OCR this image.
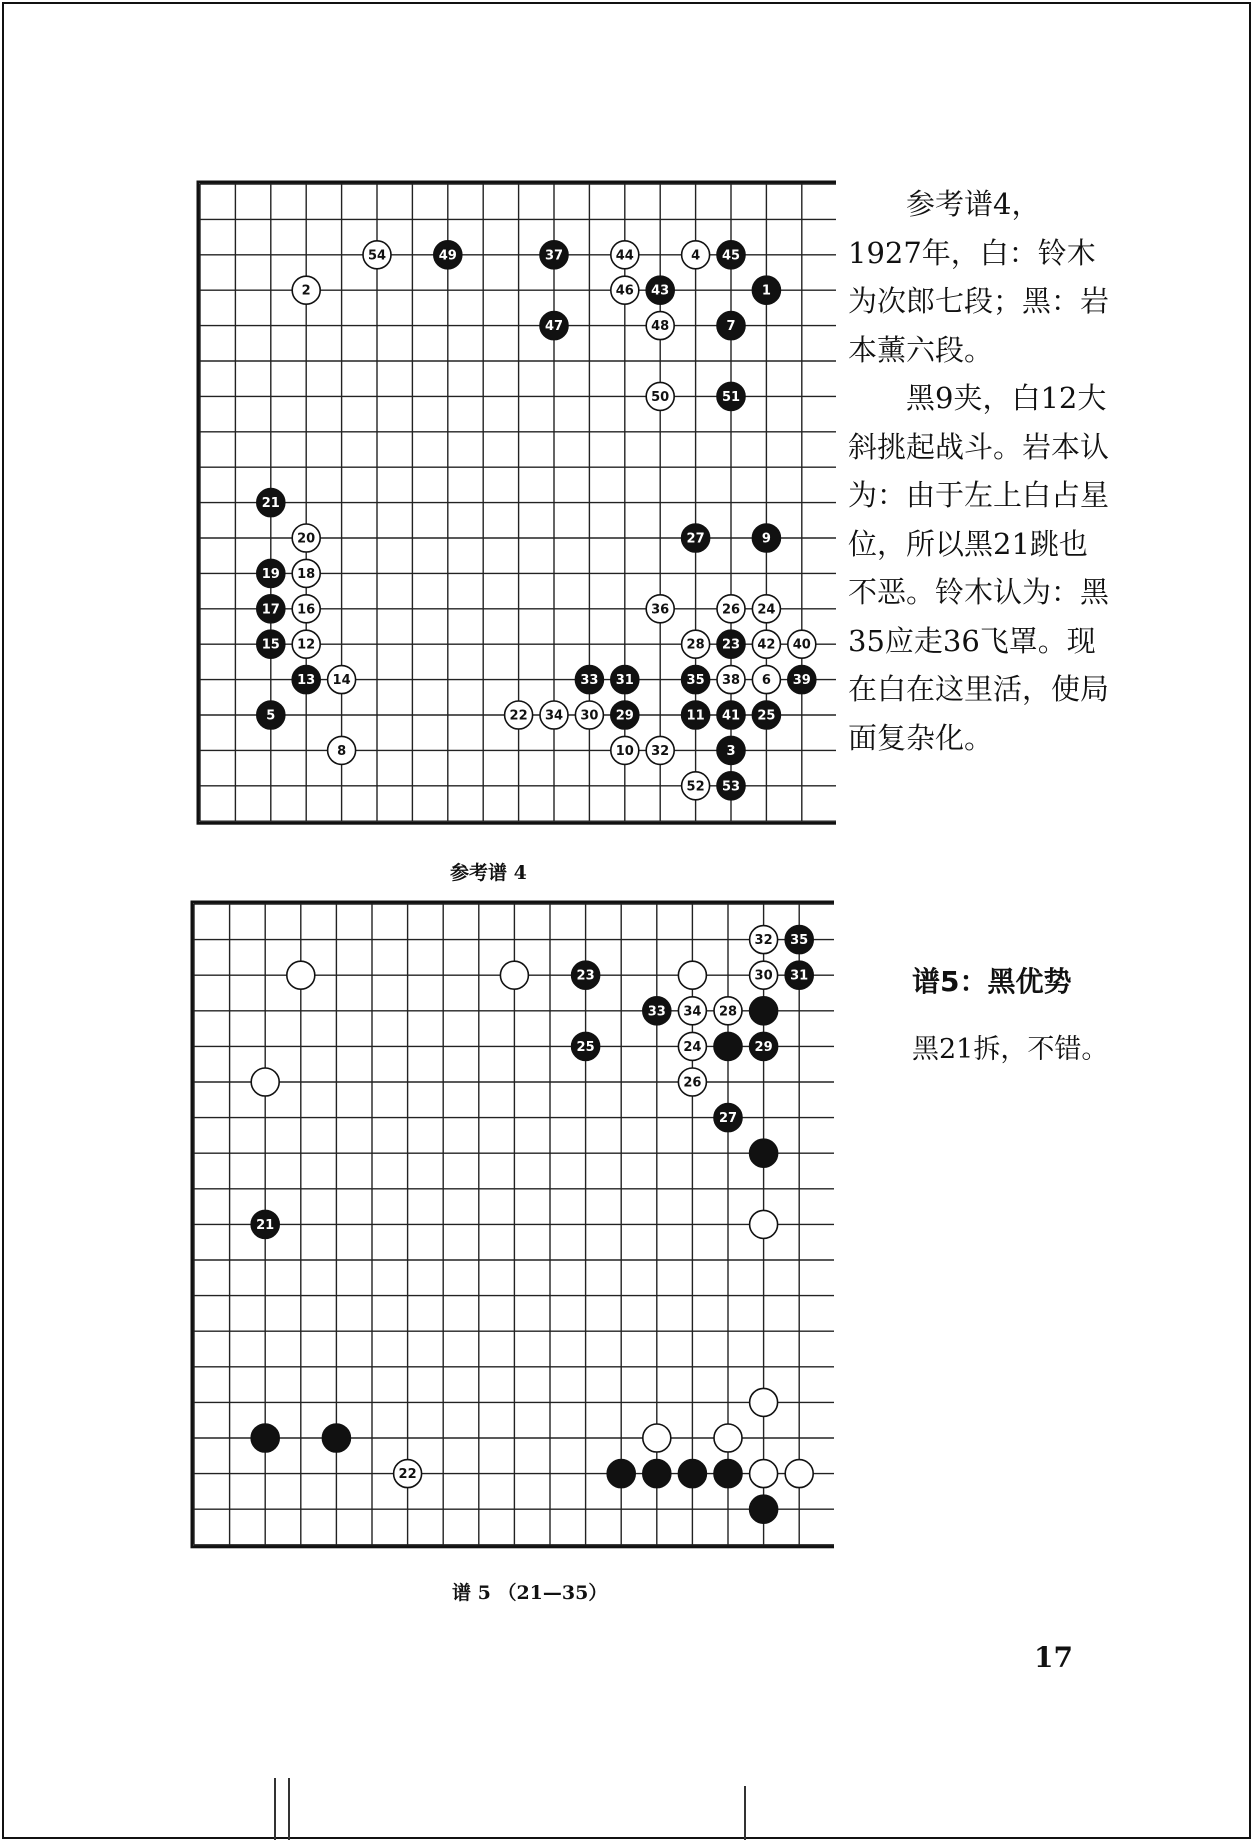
54	49	37	44	4 45
2	46 43	1
47	48	7
50	51
21
20	27	9
19 18
17 16	36	26 24
15 12	28 23 42 40
13 14	33 31	35 38 6 39
5	22 34 30 29	11 41 25
8	10 32	3
52 53
参考谱 4

参考谱4，1927年，白：铃木为次郎七段；黑：岩本薰六段。

黑9夹，白12大斜挑起战斗。岩本认为：由于左上白占星位，所以黑21跳也不恶。铃木认为：黑35应走36飞罩。现在白在这里活，使局面复杂化。

32 35
23	30 31
33 34 28
25	24	29
26
27
21
22
谱 5 （21—35）
谱5：黑优势
黑21拆，不错。
17
